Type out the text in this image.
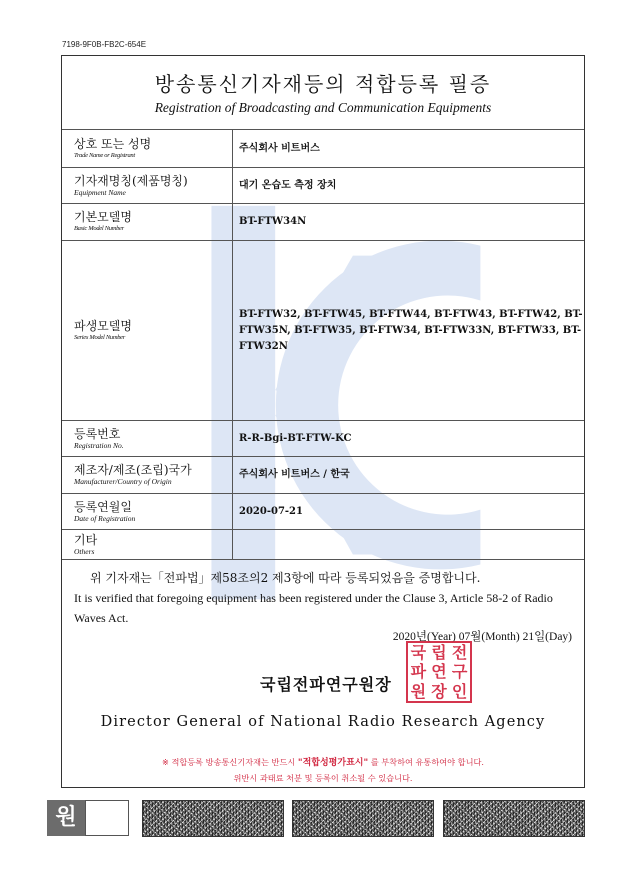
7198-9F0B-FB2C-654E
방송통신기자재등의 적합등록 필증
Registration of Broadcasting and Communication Equipments
상호 또는 성명
Trade Name or Registrant	주식회사 비트버스

기자재명칭(제품명칭)
Equipment Name	대기 온습도 측정 장치

기본모델명
Basic Model Number	BT-FTW34N

파생모델명
Series Model Number	BT-FTW32, BT-FTW45, BT-FTW44, BT-FTW43, BT-FTW42, BT-FTW35N, BT-FTW35, BT-FTW34, BT-FTW33N, BT-FTW33, BT-FTW32N

등록번호
Registration No.	R-R-Bgi-BT-FTW-KC

제조자/제조(조립)국가
Manufacturer/Country of Origin	주식회사 비트버스 / 한국

등록연월일
Date of Registration	2020-07-21

기타
Others	

위 기자재는「전파법」제58조의2 제3항에 따라 등록되었음을 증명합니다.
It is verified that foregoing equipment has been registered under the Clause 3, Article 58-2 of Radio Waves Act.
2020년(Year) 07월(Month) 21일(Day)
국립전파연구원장
국 립 전
파 연 구
원 장 인
Director General of National Radio Research Agency
※ 적합등록 방송통신기자재는 반드시 "적합성평가표시" 를 부착하여 유통하여야 합니다.
위반시 과태료 처분 및 등록이 취소될 수 있습니다.
원
